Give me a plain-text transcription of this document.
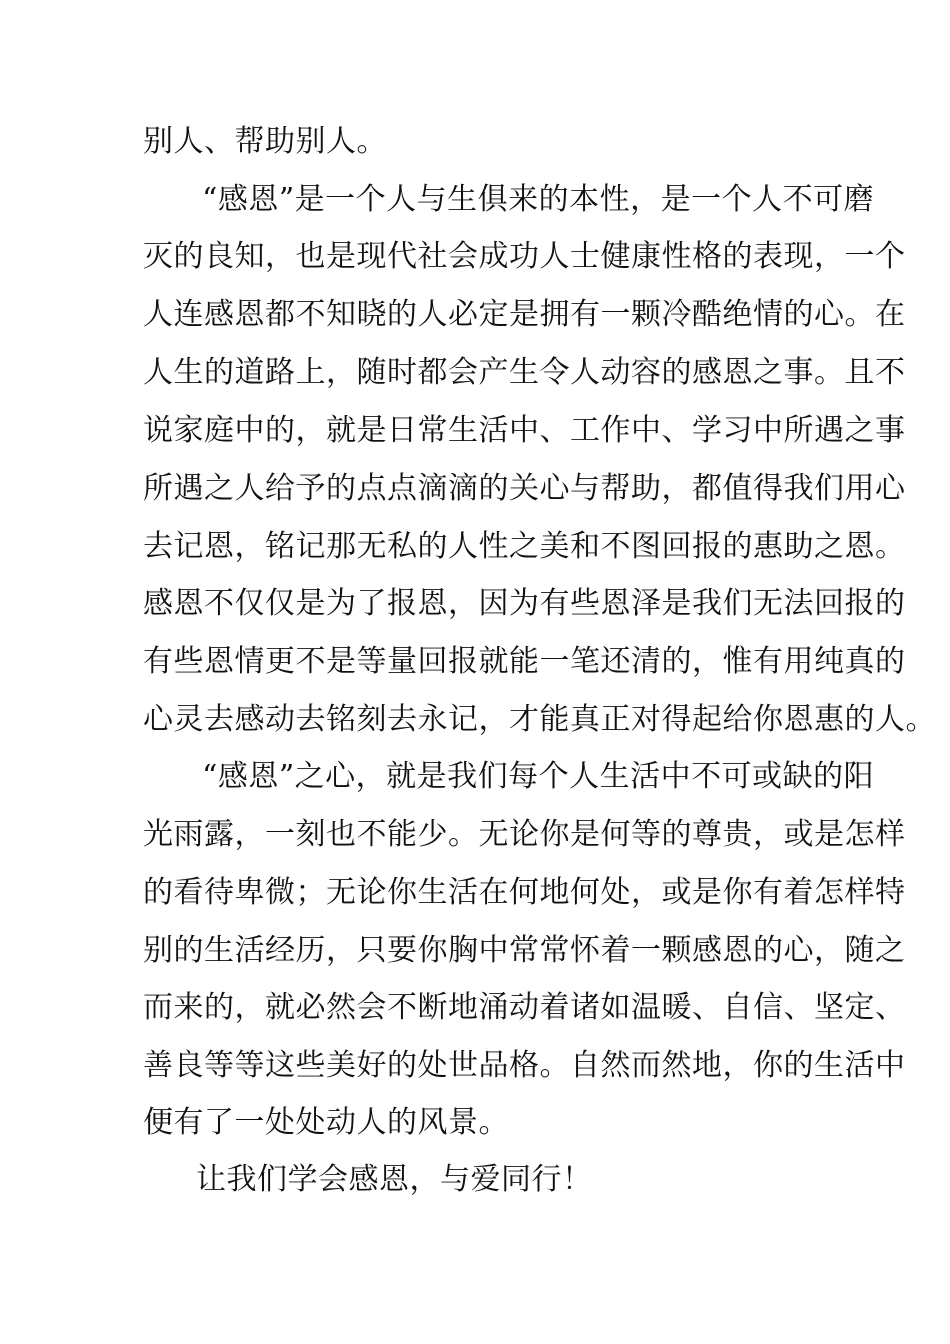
别人、帮助别人。
“感恩”是一个人与生俱来的本性，是一个人不可磨
灭的良知，也是现代社会成功人士健康性格的表现，一个
人连感恩都不知晓的人必定是拥有一颗冷酷绝情的心。在
人生的道路上，随时都会产生令人动容的感恩之事。且不
说家庭中的，就是日常生活中、工作中、学习中所遇之事
所遇之人给予的点点滴滴的关心与帮助，都值得我们用心
去记恩，铭记那无私的人性之美和不图回报的惠助之恩。
感恩不仅仅是为了报恩，因为有些恩泽是我们无法回报的
有些恩情更不是等量回报就能一笔还清的，惟有用纯真的
心灵去感动去铭刻去永记，才能真正对得起给你恩惠的人。
“感恩”之心，就是我们每个人生活中不可或缺的阳
光雨露，一刻也不能少。无论你是何等的尊贵，或是怎样
的看待卑微；无论你生活在何地何处，或是你有着怎样特
别的生活经历，只要你胸中常常怀着一颗感恩的心，随之
而来的，就必然会不断地涌动着诸如温暖、自信、坚定、
善良等等这些美好的处世品格。自然而然地，你的生活中
便有了一处处动人的风景。
让我们学会感恩，与爱同行！
